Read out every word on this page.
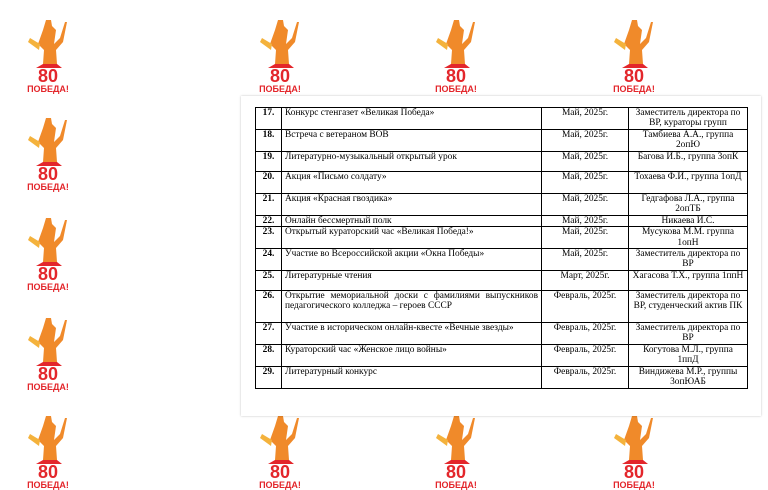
80
ПОБЕДА!
80
ПОБЕДА!
80
ПОБЕДА!
80
ПОБЕДА!
80
ПОБЕДА!
80
ПОБЕДА!
80
ПОБЕДА!
80
ПОБЕДА!
80
ПОБЕДА!
80
ПОБЕДА!
80
ПОБЕДА!
17.	Конкурс стенгазет «Великая Победа»	Май, 2025г.	Заместитель директора по ВР, кураторы групп
18.	Встреча с ветераном ВОВ	Май, 2025г.	Тамбиева А.А., группа 2опЮ
19.	Литературно-музыкальный открытый урок	Май, 2025г.	Багова И.Б., группа 3опК
20.	Акция «Письмо солдату»	Май, 2025г.	Тохаева Ф.И., группа 1опД
21.	Акция «Красная гвоздика»	Май, 2025г.	Гедгафова Л.А., группа 2опТБ
22.	Онлайн бессмертный полк	Май, 2025г.	Никаева И.С.
23.	Открытый кураторский час «Великая Победа!»	Май, 2025г.	Мусукова М.М. группа 1опН
24.	Участие во Всероссийской акции «Окна Победы»	Май, 2025г.	Заместитель директора по ВР
25.	Литературные чтения	Март, 2025г.	Хагасова Т.Х., группа 1ппН
26.	Открытие мемориальной доски с фамилиями выпускников педагогического колледжа – героев СССР	Февраль, 2025г.	Заместитель директора по ВР, студенческий актив ПК
27.	Участие в историческом онлайн-квесте «Вечные звезды»	Февраль, 2025г.	Заместитель директора по ВР
28.	Кураторский час «Женское лицо войны»	Февраль, 2025г.	Когутова М.Л., группа 1ппД
29.	Литературный конкурс	Февраль, 2025г.	Виндижева М.Р., группы 3опЮАБ
